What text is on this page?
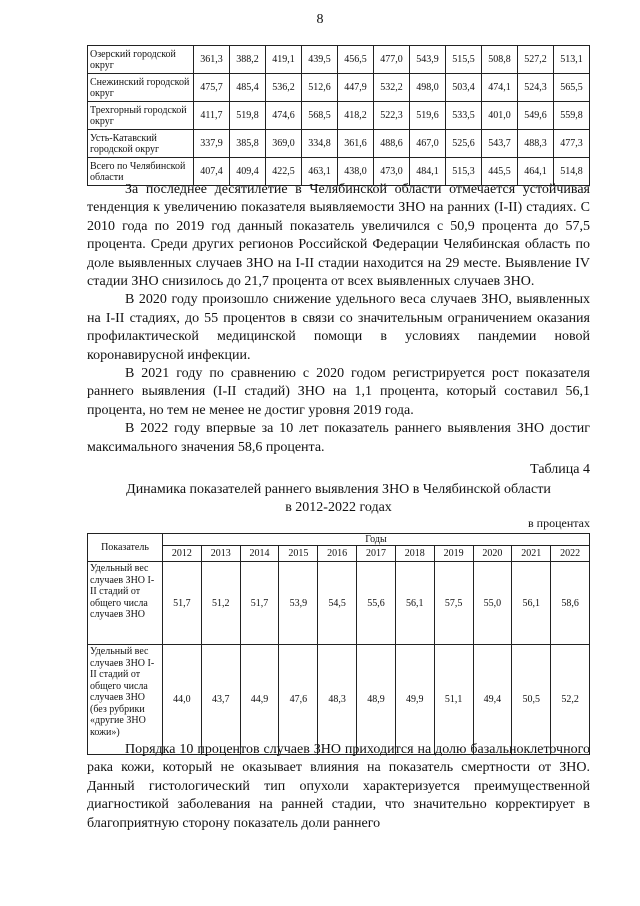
8
Озерский городской округ	361,3	388,2	419,1	439,5	456,5	477,0	543,9	515,5	508,8	527,2	513,1
Снежинский городской округ	475,7	485,4	536,2	512,6	447,9	532,2	498,0	503,4	474,1	524,3	565,5
Трехгорный городской округ	411,7	519,8	474,6	568,5	418,2	522,3	519,6	533,5	401,0	549,6	559,8
Усть-Катавский городской округ	337,9	385,8	369,0	334,8	361,6	488,6	467,0	525,6	543,7	488,3	477,3
Всего по Челябинской области	407,4	409,4	422,5	463,1	438,0	473,0	484,1	515,3	445,5	464,1	514,8

За последнее десятилетие в Челябинской области отмечается устойчивая тенденция к увеличению показателя выявляемости ЗНО на ранних (I-II) стадиях. С 2010 года по 2019 год данный показатель увеличился с 50,9 процента до 57,5 процента. Среди других регионов Российской Федерации Челябинская область по доле выявленных случаев ЗНО на I-II стадии находится на 29 месте. Выявление IV стадии ЗНО снизилось до 21,7 процента от всех выявленных случаев ЗНО.

В 2020 году произошло снижение удельного веса случаев ЗНО, выявленных на I-II стадиях, до 55 процентов в связи со значительным ограничением оказания профилактической медицинской помощи в условиях пандемии новой коронавирусной инфекции.

В 2021 году по сравнению с 2020 годом регистрируется рост показателя раннего выявления (I-II стадий) ЗНО на 1,1 процента, который составил 56,1 процента, но тем не менее не достиг уровня 2019 года.

В 2022 году впервые за 10 лет показатель раннего выявления ЗНО достиг максимального значения 58,6 процента.

Таблица 4
Динамика показателей раннего выявления ЗНО в Челябинской области
в 2012-2022 годах
в процентах
Показатель	Годы										
	2012	2013	2014	2015	2016	2017	2018	2019	2020	2021	2022
Удельный вес случаев ЗНО I-II стадий от общего числа случаев ЗНО	51,7	51,2	51,7	53,9	54,5	55,6	56,1	57,5	55,0	56,1	58,6
Удельный вес случаев ЗНО I-II стадий от общего числа случаев ЗНО (без рубрики «другие ЗНО кожи»)	44,0	43,7	44,9	47,6	48,3	48,9	49,9	51,1	49,4	50,5	52,2

Порядка 10 процентов случаев ЗНО приходится на долю базальноклеточного рака кожи, который не оказывает влияния на показатель смертности от ЗНО. Данный гистологический тип опухоли характеризуется преимущественной диагностикой заболевания на ранней стадии, что значительно корректирует в благоприятную сторону показатель доли раннего
